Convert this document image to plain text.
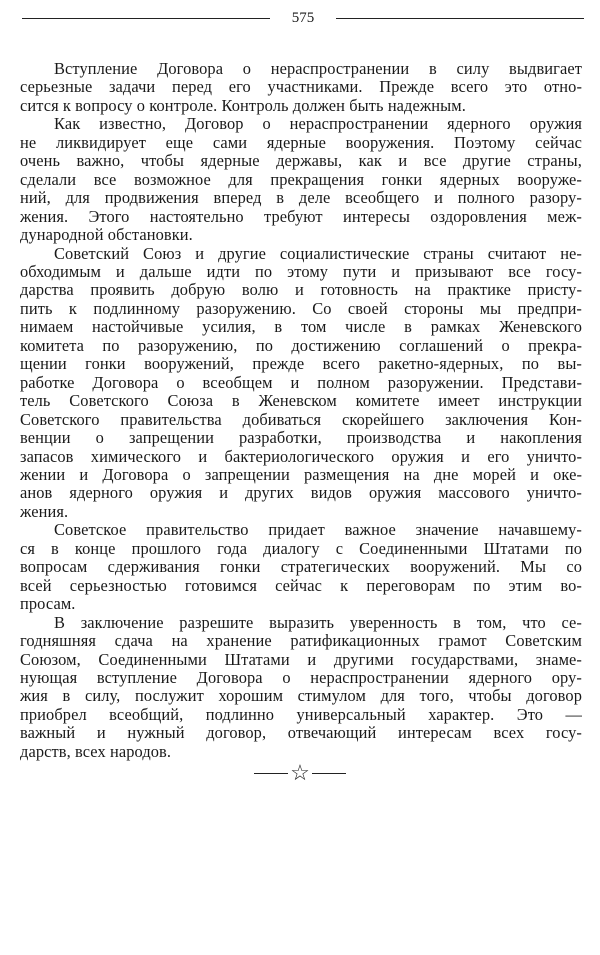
575
Вступление Договора о нераспространении в силу выдвигает
серьезные задачи перед его участниками. Прежде всего это отно-
сится к вопросу о контроле. Контроль должен быть надежным.
Как известно, Договор о нераспространении ядерного оружия
не ликвидирует еще сами ядерные вооружения. Поэтому сейчас
очень важно, чтобы ядерные державы, как и все другие страны,
сделали все возможное для прекращения гонки ядерных вооруже-
ний, для продвижения вперед в деле всеобщего и полного разору-
жения. Этого настоятельно требуют интересы оздоровления меж-
дународной обстановки.
Советский Союз и другие социалистические страны считают не-
обходимым и дальше идти по этому пути и призывают все госу-
дарства проявить добрую волю и готовность на практике присту-
пить к подлинному разоружению. Со своей стороны мы предпри-
нимаем настойчивые усилия, в том числе в рамках Женевского
комитета по разоружению, по достижению соглашений о прекра-
щении гонки вооружений, прежде всего ракетно-ядерных, по вы-
работке Договора о всеобщем и полном разоружении. Представи-
тель Советского Союза в Женевском комитете имеет инструкции
Советского правительства добиваться скорейшего заключения Кон-
венции о запрещении разработки, производства и накопления
запасов химического и бактериологического оружия и его уничто-
жении и Договора о запрещении размещения на дне морей и оке-
анов ядерного оружия и других видов оружия массового уничто-
жения.
Советское правительство придает важное значение начавшему-
ся в конце прошлого года диалогу с Соединенными Штатами по
вопросам сдерживания гонки стратегических вооружений. Мы со
всей серьезностью готовимся сейчас к переговорам по этим во-
просам.
В заключение разрешите выразить уверенность в том, что се-
годняшняя сдача на хранение ратификационных грамот Советским
Союзом, Соединенными Штатами и другими государствами, знаме-
нующая вступление Договора о нераспространении ядерного ору-
жия в силу, послужит хорошим стимулом для того, чтобы договор
приобрел всеобщий, подлинно универсальный характер. Это —
важный и нужный договор, отвечающий интересам всех госу-
дарств, всех народов.
☆
